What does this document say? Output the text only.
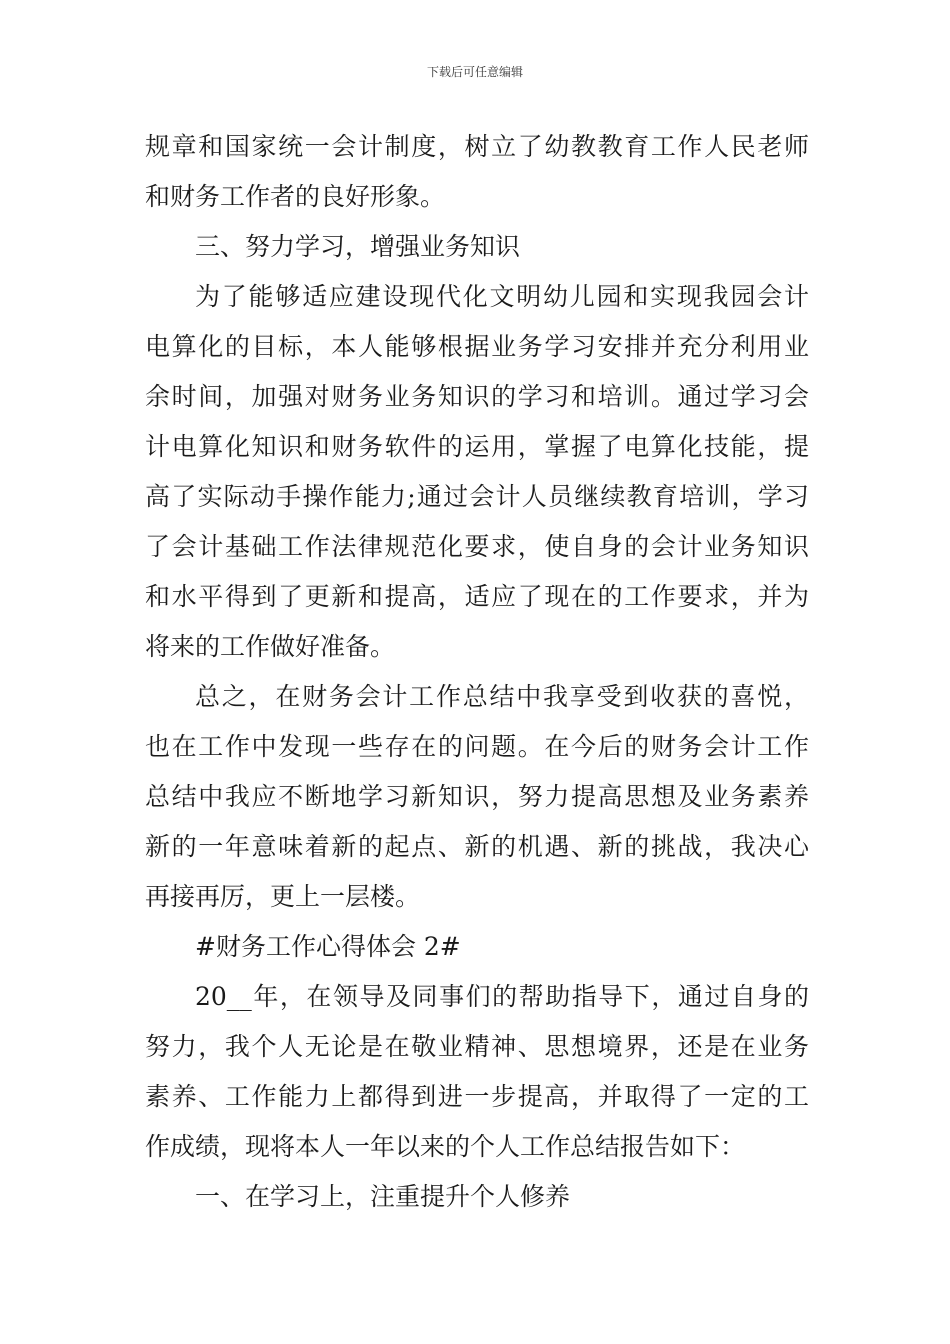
下载后可任意编辑
规章和国家统一会计制度，树立了幼教教育工作人民老师
和财务工作者的良好形象。
三、努力学习，增强业务知识
为了能够适应建设现代化文明幼儿园和实现我园会计
电算化的目标，本人能够根据业务学习安排并充分利用业
余时间，加强对财务业务知识的学习和培训。通过学习会
计电算化知识和财务软件的运用，掌握了电算化技能，提
高了实际动手操作能力;通过会计人员继续教育培训，学习
了会计基础工作法律规范化要求，使自身的会计业务知识
和水平得到了更新和提高，适应了现在的工作要求，并为
将来的工作做好准备。
总之，在财务会计工作总结中我享受到收获的喜悦，
也在工作中发现一些存在的问题。在今后的财务会计工作
总结中我应不断地学习新知识，努力提高思想及业务素养
新的一年意味着新的起点、新的机遇、新的挑战，我决心
再接再厉，更上一层楼。
#财务工作心得体会 2#
20__年，在领导及同事们的帮助指导下，通过自身的
努力，我个人无论是在敬业精神、思想境界，还是在业务
素养、工作能力上都得到进一步提高，并取得了一定的工
作成绩，现将本人一年以来的个人工作总结报告如下：
一、在学习上，注重提升个人修养
